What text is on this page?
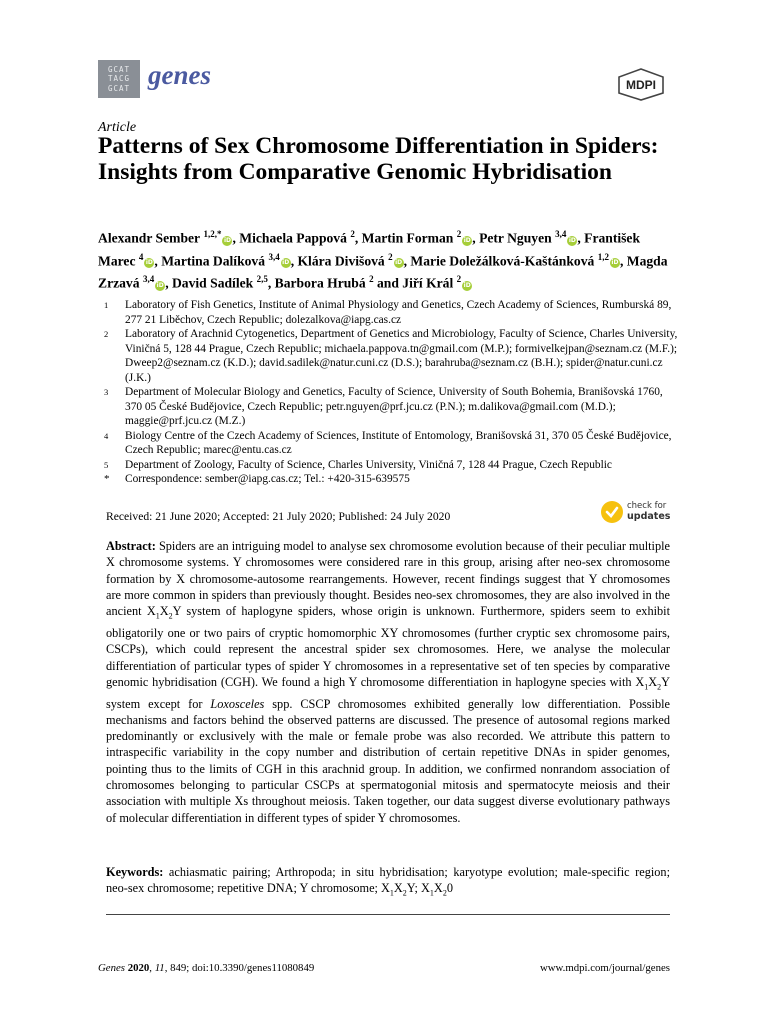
GCAT
TACG
GCAT genes	MDPI
Article
Patterns of Sex Chromosome Differentiation in Spiders: Insights from Comparative Genomic Hybridisation
Alexandr Sember $^{1,2,*}$iD, Michaela Pappová $^2$, Martin Forman $^2$iD, Petr Nguyen $^{3,4}$iD, František Marec $^4$iD, Martina Dalíková $^{3,4}$iD, Klára Divišová $^2$iD, Marie Doležálková-Kaštánková $^{1,2}$iD, Magda Zrzavá $^{3,4}$iD, David Sadílek $^{2,5}$, Barbora Hrubá $^2$ and Jiří Král $^2$iD
1	Laboratory of Fish Genetics, Institute of Animal Physiology and Genetics, Czech Academy of Sciences, Rumburská 89, 277 21 Liběchov, Czech Republic; dolezalkova@iapg.cas.cz
2	Laboratory of Arachnid Cytogenetics, Department of Genetics and Microbiology, Faculty of Science, Charles University, Viničná 5, 128 44 Prague, Czech Republic; michaela.pappova.tn@gmail.com (M.P.); formivelkejpan@seznam.cz (M.F.); Dweep2@seznam.cz (K.D.); david.sadilek@natur.cuni.cz (D.S.); barahruba@seznam.cz (B.H.); spider@natur.cuni.cz (J.K.)
3	Department of Molecular Biology and Genetics, Faculty of Science, University of South Bohemia, Branišovská 1760, 370 05 České Budějovice, Czech Republic; petr.nguyen@prf.jcu.cz (P.N.); m.dalikova@gmail.com (M.D.); maggie@prf.jcu.cz (M.Z.)
4	Biology Centre of the Czech Academy of Sciences, Institute of Entomology, Branišovská 31, 370 05 České Budějovice, Czech Republic; marec@entu.cas.cz
5	Department of Zoology, Faculty of Science, Charles University, Viničná 7, 128 44 Prague, Czech Republic
*	Correspondence: sember@iapg.cas.cz; Tel.: +420-315-639575
Received: 21 June 2020; Accepted: 21 July 2020; Published: 24 July 2020
check for
updates
Abstract: Spiders are an intriguing model to analyse sex chromosome evolution because of their peculiar multiple X chromosome systems. Y chromosomes were considered rare in this group, arising after neo-sex chromosome formation by X chromosome-autosome rearrangements. However, recent findings suggest that Y chromosomes are more common in spiders than previously thought. Besides neo-sex chromosomes, they are also involved in the ancient $X_1X_2Y$ system of haplogyne spiders, whose origin is unknown. Furthermore, spiders seem to exhibit obligatorily one or two pairs of cryptic homomorphic XY chromosomes (further cryptic sex chromosome pairs, CSCPs), which could represent the ancestral spider sex chromosomes. Here, we analyse the molecular differentiation of particular types of spider Y chromosomes in a representative set of ten species by comparative genomic hybridisation (CGH). We found a high Y chromosome differentiation in haplogyne species with $X_1X_2Y$ system except for Loxosceles spp. CSCP chromosomes exhibited generally low differentiation. Possible mechanisms and factors behind the observed patterns are discussed. The presence of autosomal regions marked predominantly or exclusively with the male or female probe was also recorded. We attribute this pattern to intraspecific variability in the copy number and distribution of certain repetitive DNAs in spider genomes, pointing thus to the limits of CGH in this arachnid group. In addition, we confirmed nonrandom association of chromosomes belonging to particular CSCPs at spermatogonial mitosis and spermatocyte meiosis and their association with multiple Xs throughout meiosis. Taken together, our data suggest diverse evolutionary pathways of molecular differentiation in different types of spider Y chromosomes.
Keywords: achiasmatic pairing; Arthropoda; in situ hybridisation; karyotype evolution; male-specific region; neo-sex chromosome; repetitive DNA; Y chromosome; $X_1X_2Y$; $X_1X_20$
Genes 2020, 11, 849; doi:10.3390/genes11080849	www.mdpi.com/journal/genes
